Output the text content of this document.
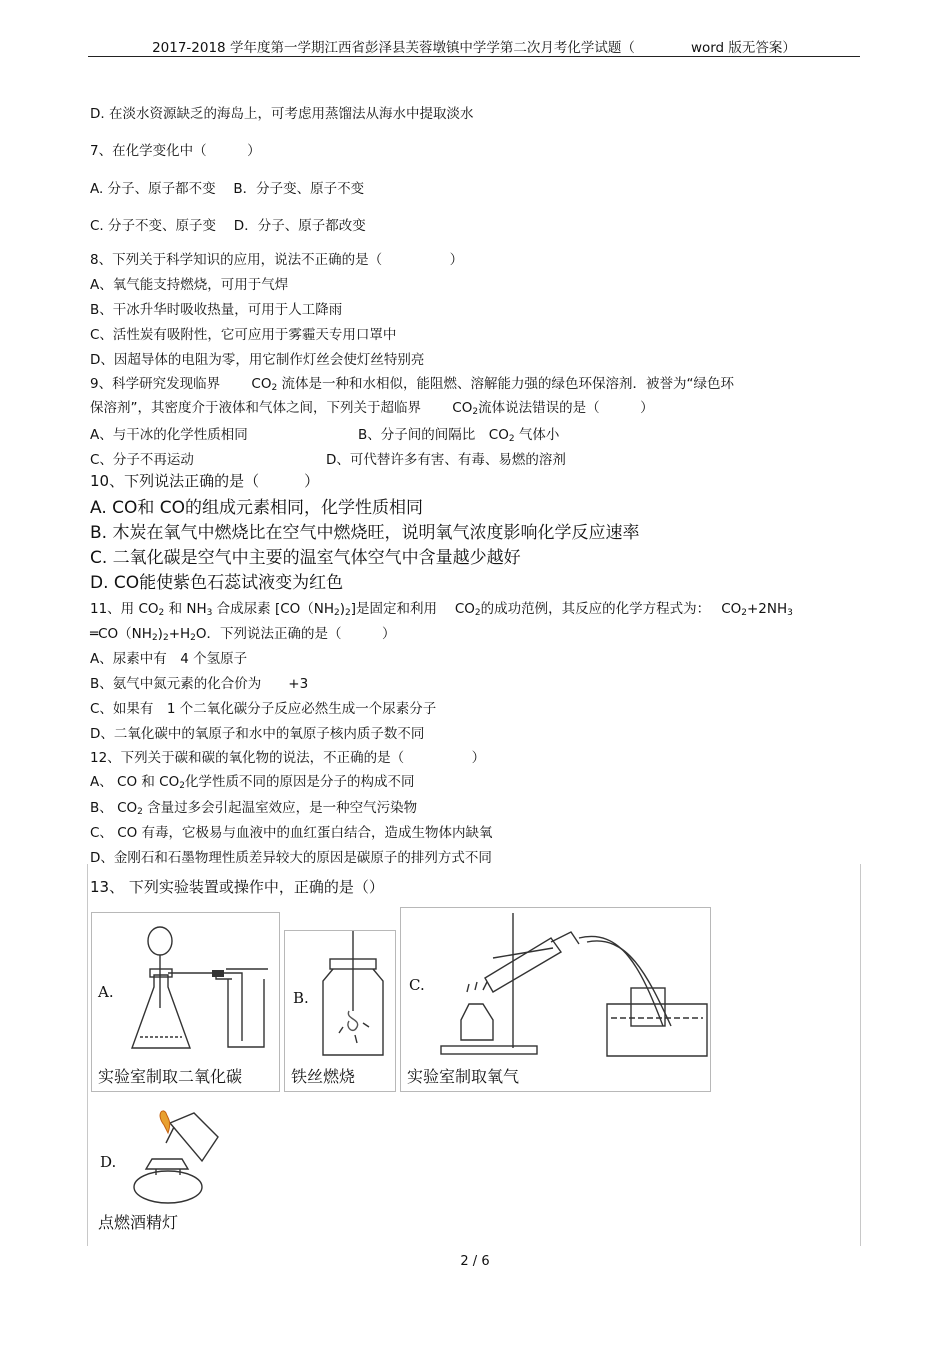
2017-2018 学年度第一学期江西省彭泽县芙蓉墩镇中学学第二次月考化学试题（	word 版无答案）
D. 在淡水资源缺乏的海岛上，可考虑用蒸馏法从海水中提取淡水
7、在化学变化中（　　　）
A. 分子、原子都不变　 B．分子变、原子不变
C. 分子不变、原子变　 D．分子、原子都改变
8、下列关于科学知识的应用，说法不正确的是（　　　　　）
A、氧气能支持燃烧，可用于气焊
B、干冰升华时吸收热量，可用于人工降雨
C、活性炭有吸附性，它可应用于雾霾天专用口罩中
D、因超导体的电阻为零，用它制作灯丝会使灯丝特别亮
9、科学研究发现临界　　 $CO_2$ 流体是一种和水相似，能阻燃、溶解能力强的绿色环保溶剂．被誉为“绿色环
保溶剂”，其密度介于液体和气体之间，下列关于超临界　　 $CO_2$流体说法错误的是（　　　）
A、与干冰的化学性质相同	B、分子间的间隔比　 $CO_2$ 气体小
C、分子不再运动	D、可代替许多有害、有毒、易燃的溶剂
10、下列说法正确的是（　　　）
A. CO和 CO的组成元素相同，化学性质相同
B. 木炭在氧气中燃烧比在空气中燃烧旺，说明氧气浓度影响化学反应速率
C. 二氧化碳是空气中主要的温室气体空气中含量越少越好
D. CO能使紫色石蕊试液变为红色
11、用 $CO_2$ 和 $NH_3$ 合成尿素 $[CO(NH_2)_2]$是固定和利用　 $CO_2$的成功范例，其反应的化学方程式为：　 $CO_2+2NH_3$
$═CO(NH_2)_2+H_2O$．下列说法正确的是（　　　）
A、尿素中有　4 个氢原子
B、氨气中氮元素的化合价为　　+3
C、如果有　1 个二氧化碳分子反应必然生成一个尿素分子
D、二氧化碳中的氧原子和水中的氧原子核内质子数不同
12、下列关于碳和碳的氧化物的说法，不正确的是（　　　　　）
A、 CO 和 $CO_2$化学性质不同的原因是分子的构成不同
B、 $CO_2$ 含量过多会引起温室效应，是一种空气污染物
C、 CO 有毒，它极易与血液中的血红蛋白结合，造成生物体内缺氧
D、金刚石和石墨物理性质差异较大的原因是碳原子的排列方式不同
13、 下列实验装置或操作中，正确的是（）
A.
实验室制取二氧化碳
B.
铁丝燃烧
C.
实验室制取氧气
D.
点燃酒精灯
2 / 6
